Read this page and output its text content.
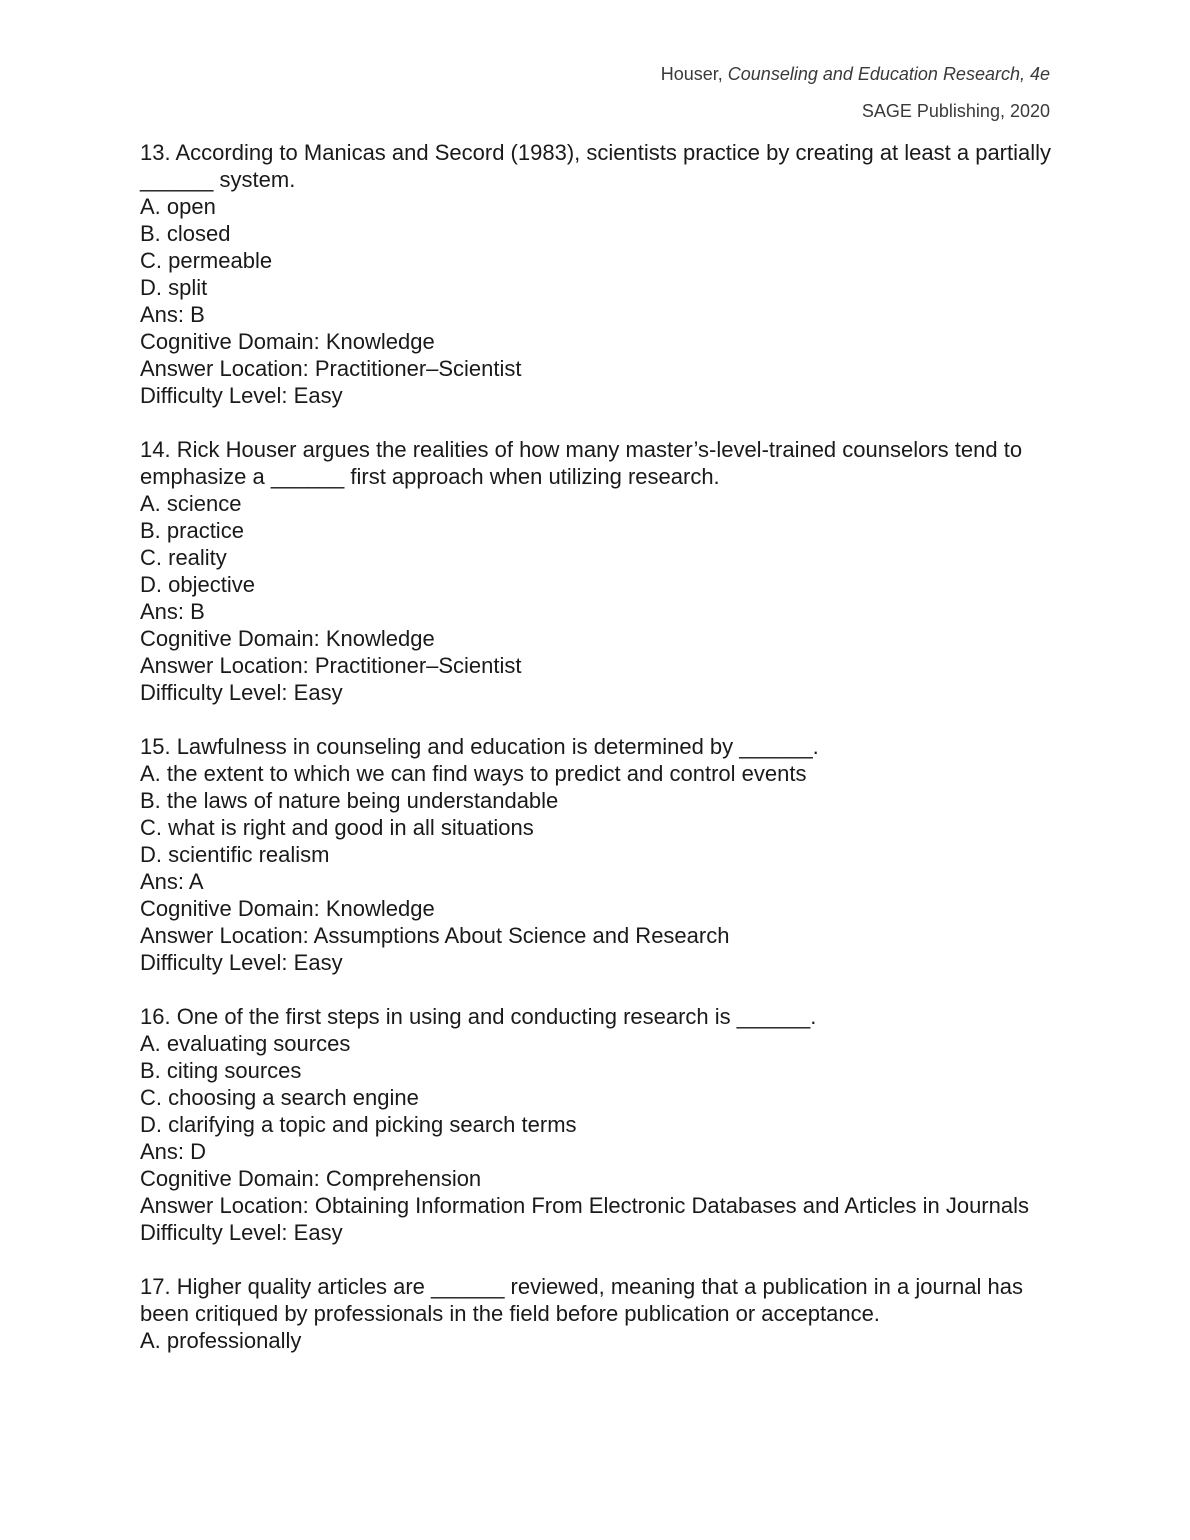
Houser, Counseling and Education Research, 4e
SAGE Publishing, 2020
13. According to Manicas and Secord (1983), scientists practice by creating at least a partially ______ system.
A. open
B. closed
C. permeable
D. split
Ans: B
Cognitive Domain: Knowledge
Answer Location: Practitioner–Scientist
Difficulty Level: Easy
14. Rick Houser argues the realities of how many master’s-level-trained counselors tend to emphasize a ______ first approach when utilizing research.
A. science
B. practice
C. reality
D. objective
Ans: B
Cognitive Domain: Knowledge
Answer Location: Practitioner–Scientist
Difficulty Level: Easy
15. Lawfulness in counseling and education is determined by ______.
A. the extent to which we can find ways to predict and control events
B. the laws of nature being understandable
C. what is right and good in all situations
D. scientific realism
Ans: A
Cognitive Domain: Knowledge
Answer Location: Assumptions About Science and Research
Difficulty Level: Easy
16. One of the first steps in using and conducting research is ______.
A. evaluating sources
B. citing sources
C. choosing a search engine
D. clarifying a topic and picking search terms
Ans: D
Cognitive Domain: Comprehension
Answer Location: Obtaining Information From Electronic Databases and Articles in Journals
Difficulty Level: Easy
17. Higher quality articles are ______ reviewed, meaning that a publication in a journal has been critiqued by professionals in the field before publication or acceptance.
A. professionally
